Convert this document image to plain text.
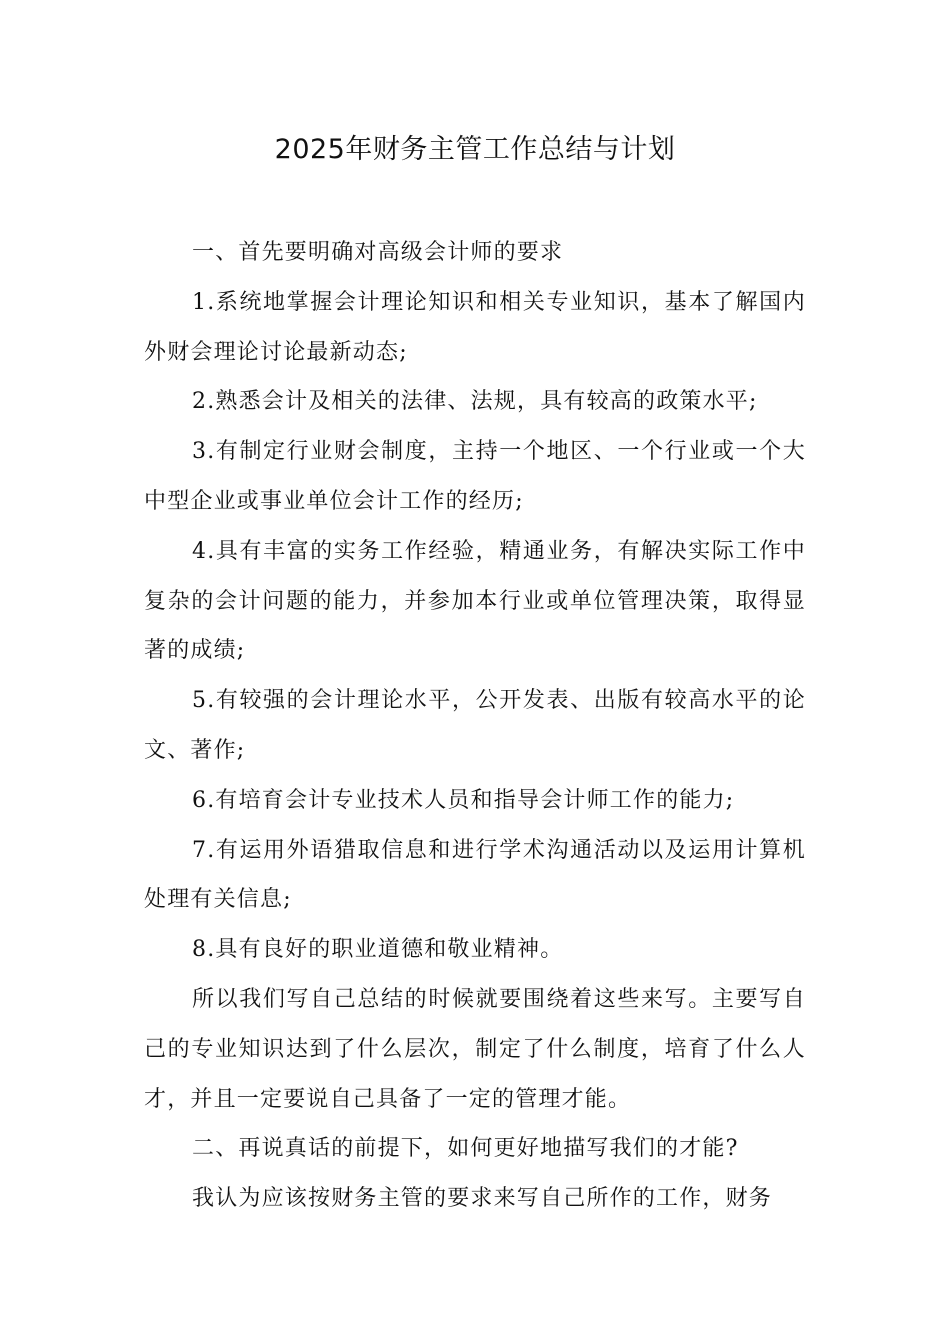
2025年财务主管工作总结与计划

一、首先要明确对高级会计师的要求

1.系统地掌握会计理论知识和相关专业知识，基本了解国内外财会理论讨论最新动态;

2.熟悉会计及相关的法律、法规，具有较高的政策水平;

3.有制定行业财会制度，主持一个地区、一个行业或一个大中型企业或事业单位会计工作的经历;

4.具有丰富的实务工作经验，精通业务，有解决实际工作中复杂的会计问题的能力，并参加本行业或单位管理决策，取得显著的成绩;

5.有较强的会计理论水平，公开发表、出版有较高水平的论文、著作;

6.有培育会计专业技术人员和指导会计师工作的能力;

7.有运用外语猎取信息和进行学术沟通活动以及运用计算机处理有关信息;

8.具有良好的职业道德和敬业精神。

所以我们写自己总结的时候就要围绕着这些来写。主要写自己的专业知识达到了什么层次，制定了什么制度，培育了什么人才，并且一定要说自己具备了一定的管理才能。

二、再说真话的前提下，如何更好地描写我们的才能?

我认为应该按财务主管的要求来写自己所作的工作，财务
